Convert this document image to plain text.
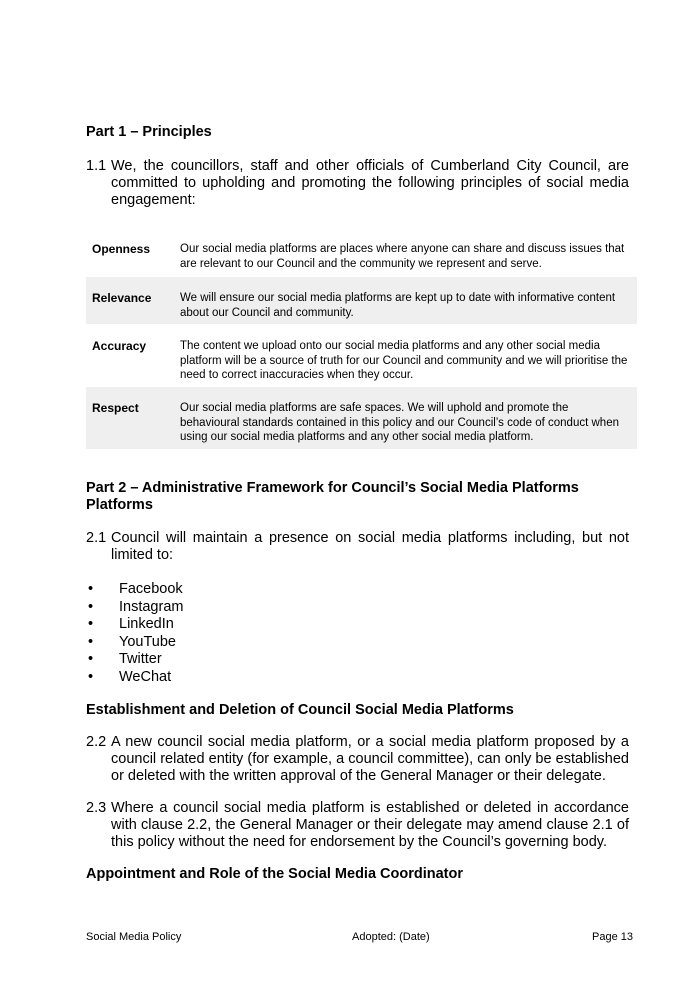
Part 1 – Principles
1.1 We, the councillors, staff and other officials of Cumberland City Council, are committed to upholding and promoting the following principles of social media engagement:
Openness	Our social media platforms are places where anyone can share and discuss issues that are relevant to our Council and the community we represent and serve.
Relevance	We will ensure our social media platforms are kept up to date with informative content about our Council and community.
Accuracy	The content we upload onto our social media platforms and any other social media platform will be a source of truth for our Council and community and we will prioritise the need to correct inaccuracies when they occur.
Respect	Our social media platforms are safe spaces. We will uphold and promote the behavioural standards contained in this policy and our Council’s code of conduct when using our social media platforms and any other social media platform.
Part 2 – Administrative Framework for Council’s Social Media Platforms Platforms
2.1 Council will maintain a presence on social media platforms including, but not limited to:
• Facebook
• Instagram
• LinkedIn
• YouTube
• Twitter
• WeChat
Establishment and Deletion of Council Social Media Platforms
2.2 A new council social media platform, or a social media platform proposed by a council related entity (for example, a council committee), can only be established or deleted with the written approval of the General Manager or their delegate.
2.3 Where a council social media platform is established or deleted in accordance with clause 2.2, the General Manager or their delegate may amend clause 2.1 of this policy without the need for endorsement by the Council’s governing body.
Appointment and Role of the Social Media Coordinator
Social Media Policy	Adopted: (Date)	Page 13
